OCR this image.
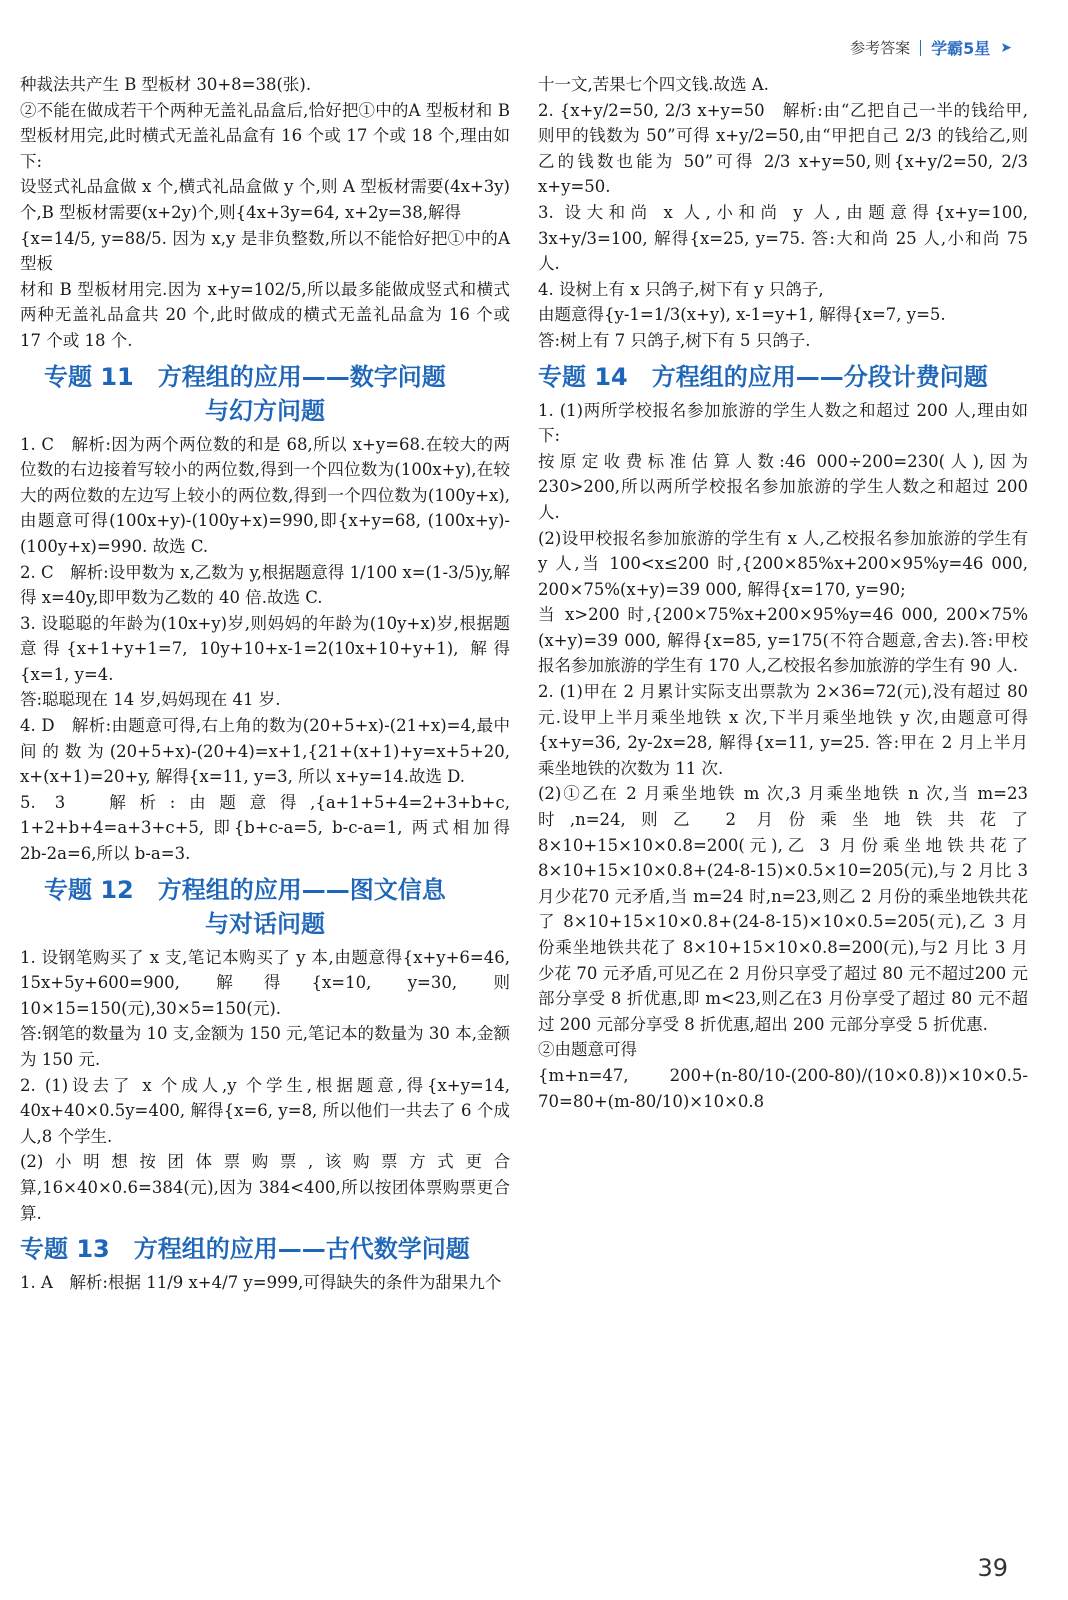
参考答案 学霸5星 ➤

种裁法共产生 B 型板材 30+8=38(张).

②不能在做成若干个两种无盖礼品盒后,恰好把①中的A 型板材和 B 型板材用完,此时横式无盖礼品盒有 16 个或 17 个或 18 个,理由如下:

设竖式礼品盒做 x 个,横式礼品盒做 y 个,则 A 型板材需要(4x+3y)个,B 型板材需要(x+2y)个,则{4x+3y=64, x+2y=38,解得

{x=14/5, y=88/5. 因为 x,y 是非负整数,所以不能恰好把①中的A 型板

材和 B 型板材用完.因为 x+y=102/5,所以最多能做成竖式和横式两种无盖礼品盒共 20 个,此时做成的横式无盖礼品盒为 16 个或 17 个或 18 个.

专题 11　方程组的应用——数字问题
与幻方问题

1. C　解析:因为两个两位数的和是 68,所以 x+y=68.在较大的两位数的右边接着写较小的两位数,得到一个四位数为(100x+y),在较大的两位数的左边写上较小的两位数,得到一个四位数为(100y+x),由题意可得(100x+y)-(100y+x)=990,即{x+y=68, (100x+y)-(100y+x)=990. 故选 C.

2. C　解析:设甲数为 x,乙数为 y,根据题意得 1/100 x=(1-3/5)y,解得 x=40y,即甲数为乙数的 40 倍.故选 C.

3. 设聪聪的年龄为(10x+y)岁,则妈妈的年龄为(10y+x)岁,根据题意得{x+1+y+1=7, 10y+10+x-1=2(10x+10+y+1), 解得{x=1, y=4.

答:聪聪现在 14 岁,妈妈现在 41 岁.

4. D　解析:由题意可得,右上角的数为(20+5+x)-(21+x)=4,最中间的数为(20+5+x)-(20+4)=x+1,{21+(x+1)+y=x+5+20, x+(x+1)=20+y, 解得{x=11, y=3, 所以 x+y=14.故选 D.

5. 3　解析:由题意得,{a+1+5+4=2+3+b+c, 1+2+b+4=a+3+c+5, 即{b+c-a=5, b-c-a=1, 两式相加得 2b-2a=6,所以 b-a=3.

专题 12　方程组的应用——图文信息
与对话问题

1. 设钢笔购买了 x 支,笔记本购买了 y 本,由题意得{x+y+6=46, 15x+5y+600=900, 解得{x=10, y=30, 则 10×15=150(元),30×5=150(元).

答:钢笔的数量为 10 支,金额为 150 元,笔记本的数量为 30 本,金额为 150 元.

2. (1)设去了 x 个成人,y 个学生,根据题意,得{x+y=14, 40x+40×0.5y=400, 解得{x=6, y=8, 所以他们一共去了 6 个成人,8 个学生.

(2)小明想按团体票购票,该购票方式更合算,16×40×0.6=384(元),因为 384<400,所以按团体票购票更合算.

专题 13　方程组的应用——古代数学问题

1. A　解析:根据 11/9 x+4/7 y=999,可得缺失的条件为甜果九个

十一文,苦果七个四文钱.故选 A.

2. {x+y/2=50, 2/3 x+y=50　解析:由“乙把自己一半的钱给甲,则甲的钱数为 50”可得 x+y/2=50,由“甲把自己 2/3 的钱给乙,则乙的钱数也能为 50”可得 2/3 x+y=50,则{x+y/2=50, 2/3 x+y=50.

3. 设大和尚 x 人,小和尚 y 人,由题意得{x+y=100, 3x+y/3=100, 解得{x=25, y=75. 答:大和尚 25 人,小和尚 75 人.

4. 设树上有 x 只鸽子,树下有 y 只鸽子,

由题意得{y-1=1/3(x+y), x-1=y+1, 解得{x=7, y=5.

答:树上有 7 只鸽子,树下有 5 只鸽子.

专题 14　方程组的应用——分段计费问题

1. (1)两所学校报名参加旅游的学生人数之和超过 200 人,理由如下:

按原定收费标准估算人数:46 000÷200=230(人),因为 230>200,所以两所学校报名参加旅游的学生人数之和超过 200 人.

(2)设甲校报名参加旅游的学生有 x 人,乙校报名参加旅游的学生有 y 人,当 100<x≤200 时,{200×85%x+200×95%y=46 000, 200×75%(x+y)=39 000, 解得{x=170, y=90;

当 x>200 时,{200×75%x+200×95%y=46 000, 200×75%(x+y)=39 000, 解得{x=85, y=175(不符合题意,舍去).答:甲校报名参加旅游的学生有 170 人,乙校报名参加旅游的学生有 90 人.

2. (1)甲在 2 月累计实际支出票款为 2×36=72(元),没有超过 80 元.设甲上半月乘坐地铁 x 次,下半月乘坐地铁 y 次,由题意可得{x+y=36, 2y-2x=28, 解得{x=11, y=25. 答:甲在 2 月上半月乘坐地铁的次数为 11 次.

(2)①乙在 2 月乘坐地铁 m 次,3 月乘坐地铁 n 次,当 m=23 时,n=24,则乙 2 月份乘坐地铁共花了 8×10+15×10×0.8=200(元),乙 3 月份乘坐地铁共花了 8×10+15×10×0.8+(24-8-15)×0.5×10=205(元),与 2 月比 3 月少花70 元矛盾,当 m=24 时,n=23,则乙 2 月份的乘坐地铁共花了 8×10+15×10×0.8+(24-8-15)×10×0.5=205(元),乙 3 月份乘坐地铁共花了 8×10+15×10×0.8=200(元),与2 月比 3 月少花 70 元矛盾,可见乙在 2 月份只享受了超过 80 元不超过200 元部分享受 8 折优惠,即 m<23,则乙在3 月份享受了超过 80 元不超过 200 元部分享受 8 折优惠,超出 200 元部分享受 5 折优惠.

②由题意可得

{m+n=47, 200+(n-80/10-(200-80)/(10×0.8))×10×0.5-70=80+(m-80/10)×10×0.8

39
